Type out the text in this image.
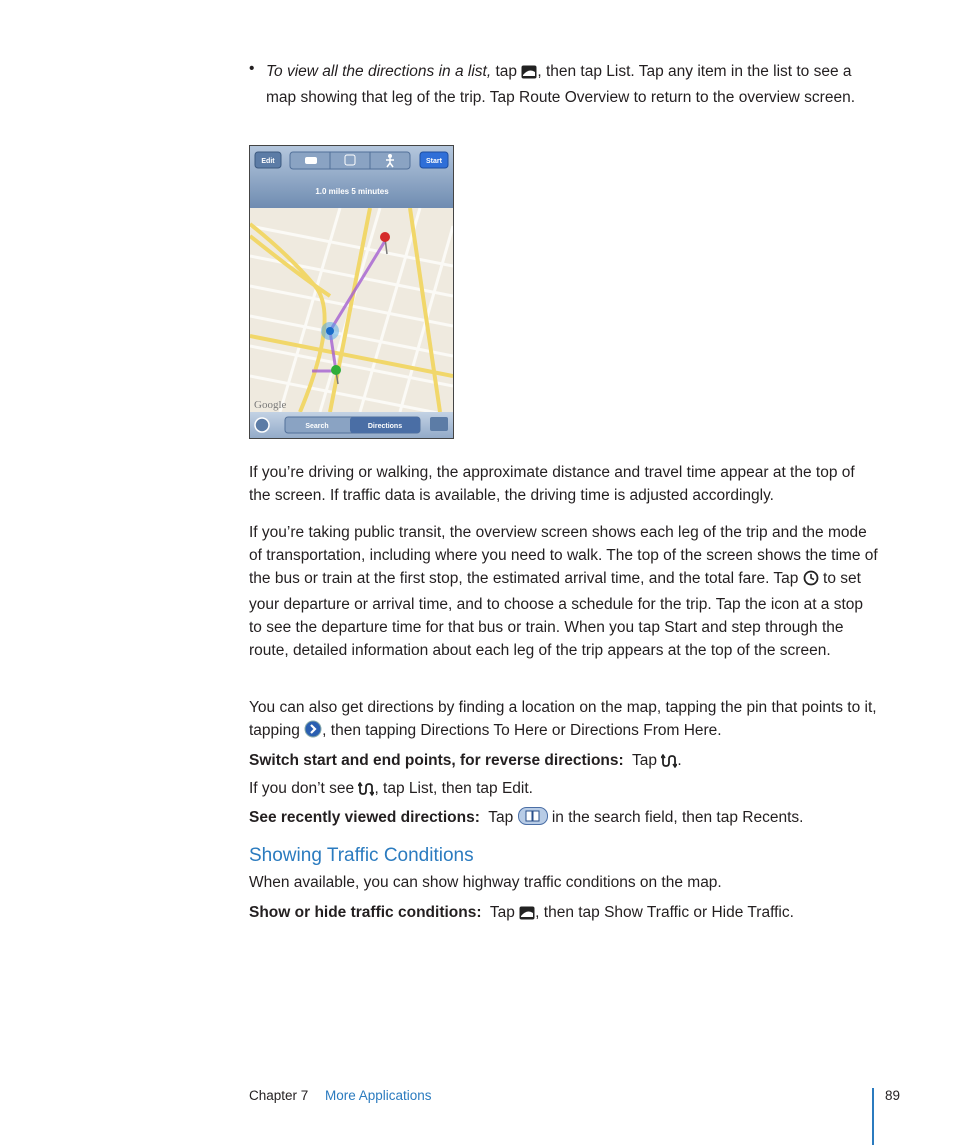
• To view all the directions in a list, tap , then tap List. Tap any item in the list to see a map showing that leg of the trip. Tap Route Overview to return to the overview screen.
Edit	Start
1.0 miles 5 minutes
Google
Search	Directions
If you’re driving or walking, the approximate distance and travel time appear at the top of the screen. If traffic data is available, the driving time is adjusted accordingly.
If you’re taking public transit, the overview screen shows each leg of the trip and the mode of transportation, including where you need to walk. The top of the screen shows the time of the bus or train at the first stop, the estimated arrival time, and the total fare. Tap  to set your departure or arrival time, and to choose a schedule for the trip. Tap the icon at a stop to see the departure time for that bus or train. When you tap Start and step through the route, detailed information about each leg of the trip appears at the top of the screen.
You can also get directions by finding a location on the map, tapping the pin that points to it, tapping , then tapping Directions To Here or Directions From Here.
Switch start and end points, for reverse directions: Tap .
If you don’t see , tap List, then tap Edit.
See recently viewed directions: Tap  in the search field, then tap Recents.
Showing Traffic Conditions
When available, you can show highway traffic conditions on the map.
Show or hide traffic conditions: Tap , then tap Show Traffic or Hide Traffic.
Chapter 7 More Applications	89
